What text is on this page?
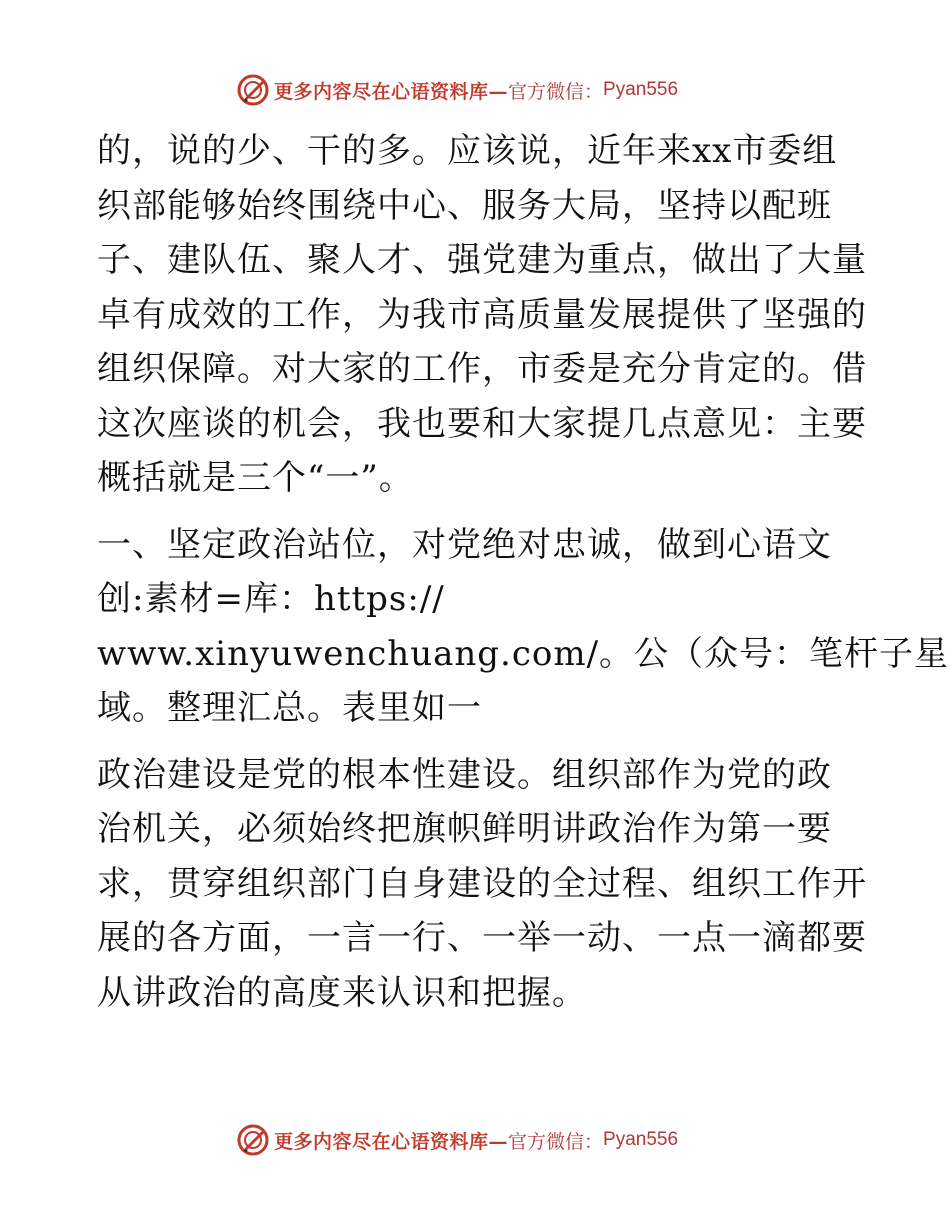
更多内容尽在心语资料库— 官方微信： Pyan556
的，说的少、干的多。应该说，近年来xx市委组
织部能够始终围绕中心、服务大局，坚持以配班
子、建队伍、聚人才、强党建为重点，做出了大量
卓有成效的工作，为我市高质量发展提供了坚强的
组织保障。对大家的工作，市委是充分肯定的。借
这次座谈的机会，我也要和大家提几点意见：主要
概括就是三个“一”。
一、坚定政治站位，对党绝对忠诚，做到心语文
创:素材=库：https://
www.xinyuwenchuang.com/。公（众号：笔杆子星
域。整理汇总。表里如一
政治建设是党的根本性建设。组织部作为党的政
治机关，必须始终把旗帜鲜明讲政治作为第一要
求，贯穿组织部门自身建设的全过程、组织工作开
展的各方面，一言一行、一举一动、一点一滴都要
从讲政治的高度来认识和把握。
更多内容尽在心语资料库— 官方微信： Pyan556
